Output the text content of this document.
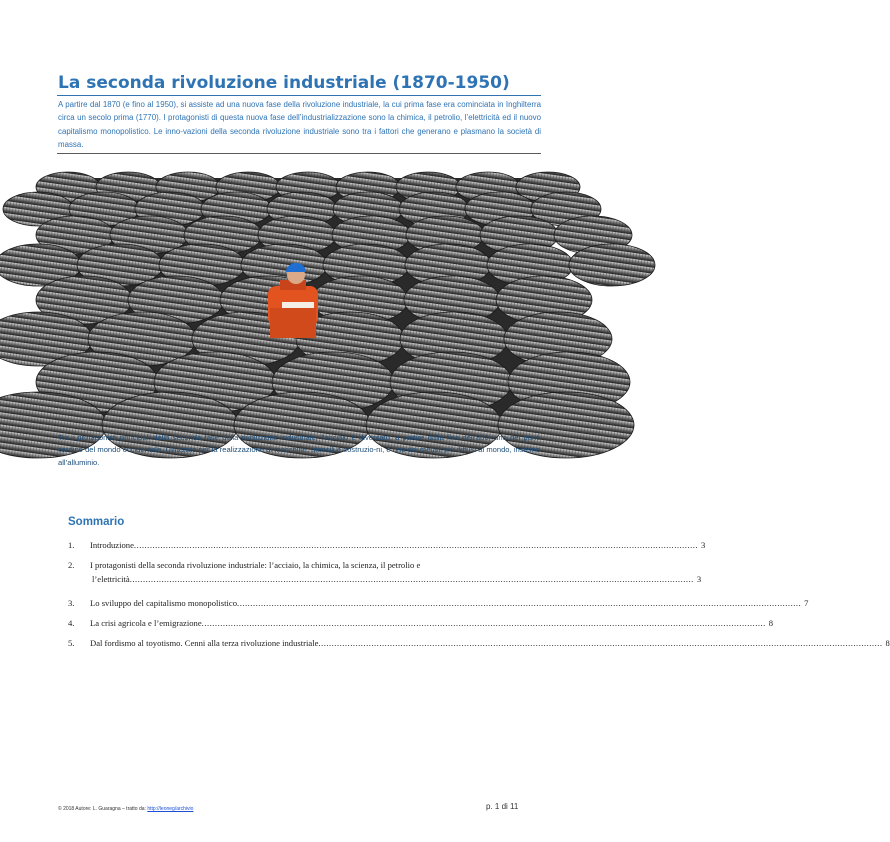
La seconda rivoluzione industriale (1870-1950)

A partire dal 1870 (e fino al 1950), si assiste ad una nuova fase della rivoluzione industriale, la cui prima fase era cominciata in Inghilterra circa un secolo prima (1770). I protagonisti di questa nuova fase dell’industrializzazione sono la chimica, il petrolio, l’elettricità ed il nuovo capitalismo monopolistico. Le inno-vazioni della seconda rivoluzione industriale sono tra i fattori che generano e plasmano la società di massa.

Tra i protagonisti principali della seconda fase della rivoluzione industriale, l’acciaio è diventato, a partire dalla fine dell’800, uno dei punti cardine del mondo occidentale. Utilizzato per la realizzazione di macchine, utensili e costruzio-ni, è uno dei metalli più diffusi al mondo, insieme all’alluminio.

Sommario
1. Introduzione ..................................................................................................................................................................................................................... 3
2. I protagonisti della seconda rivoluzione industriale: l’acciaio, la chimica, la scienza, il petrolio e
l’elettricità ..................................................................................................................................................................................................................... 3
3. Lo sviluppo del capitalismo monopolistico ..................................................................................................................................................................................................................... 7
4. La crisi agricola e l’emigrazione ..................................................................................................................................................................................................................... 8
5. Dal fordismo al toyotismo. Cenni alla terza rivoluzione industriale ..................................................................................................................................................................................................................... 8
© 2018 Autore: L. Guaragna – tratto da: http://leoneg/archivio	p. 1 di 11
